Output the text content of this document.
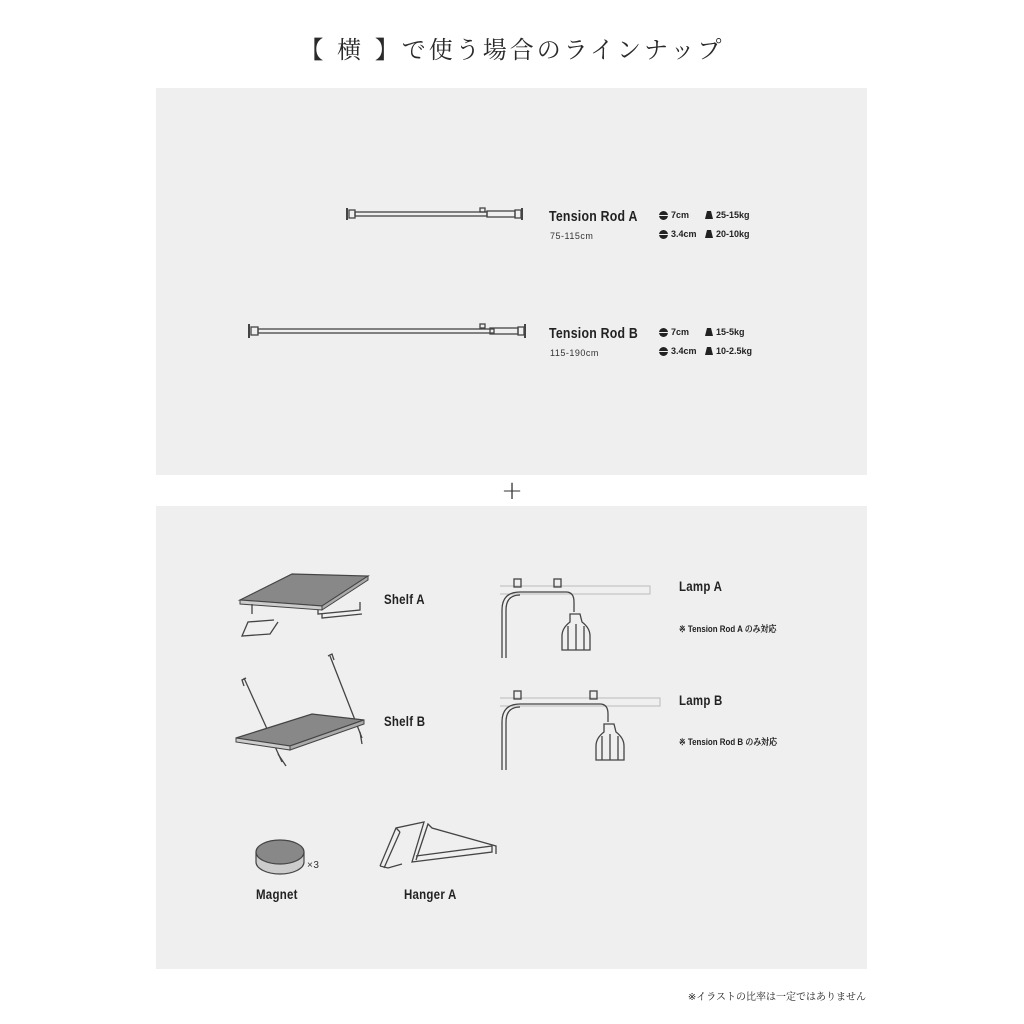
【 横 】で使う場合のラインナップ
Tension Rod A
75-115cm
7cm	25-15kg
3.4cm 20-10kg
Tension Rod B
115-190cm
7cm	15-5kg
3.4cm 10-2.5kg
+
Shelf A
Shelf B
Lamp A
※ Tension Rod A のみ対応
Lamp B
※ Tension Rod B のみ対応
×3
Magnet	Hanger A
※イラストの比率は一定ではありません
